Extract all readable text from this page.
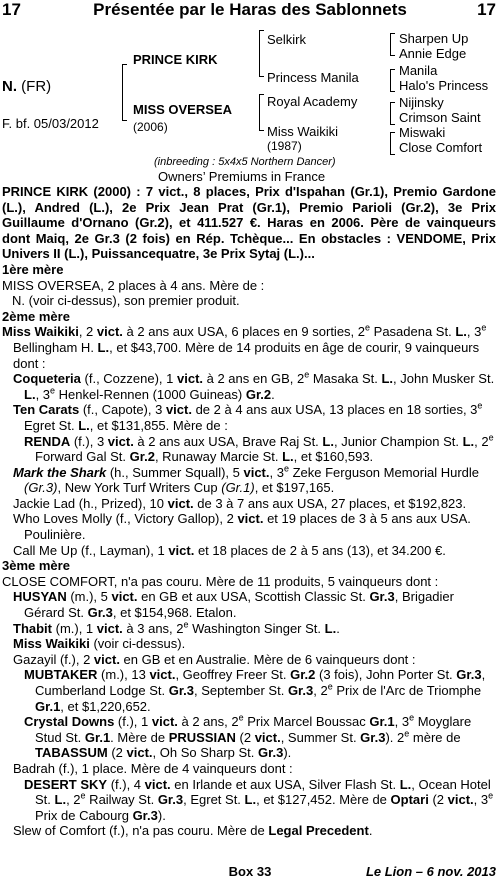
17	Présentée par le Haras des Sablonnets	17
N. (FR)
F. bf. 05/03/2012
PRINCE KIRK
MISS OVERSEA
(2006)
Selkirk
Princess Manila
Royal Academy
Miss Waikiki
(1987)
Sharpen Up
Annie Edge
Manila
Halo's Princess
Nijinsky
Crimson Saint
Miswaki
Close Comfort
(inbreeding : 5x4x5 Northern Dancer)
Owners’ Premiums in France

PRINCE KIRK (2000) : 7 vict., 8 places, Prix d'Ispahan (Gr.1), Premio Gardone (L.), Andred (L.), 2e Prix Jean Prat (Gr.1), Premio Parioli (Gr.2), 3e Prix Guillaume d'Ornano (Gr.2), et 411.527 €. Haras en 2006. Père de vainqueurs dont Maiq, 2e Gr.3 (2 fois) en Rép. Tchèque... En obstacles : VENDOME, Prix Univers II (L.), Puissancequatre, 3e Prix Sytaj (L.)...

1ère mère

MISS OVERSEA, 2 places à 4 ans. Mère de :

N. (voir ci-dessus), son premier produit.

2ème mère

Miss Waikiki, 2 vict. à 2 ans aux USA, 6 places en 9 sorties, 2e Pasadena St. L., 3e Bellingham H. L., et $43,700. Mère de 14 produits en âge de courir, 9 vainqueurs dont :

Coqueteria (f., Cozzene), 1 vict. à 2 ans en GB, 2e Masaka St. L., John Musker St. L., 3e Henkel-Rennen (1000 Guineas) Gr.2.

Ten Carats (f., Capote), 3 vict. de 2 à 4 ans aux USA, 13 places en 18 sorties, 3e Egret St. L., et $131,855. Mère de :

RENDA (f.), 3 vict. à 2 ans aux USA, Brave Raj St. L., Junior Champion St. L., 2e Forward Gal St. Gr.2, Runaway Marcie St. L., et $160,593.

Mark the Shark (h., Summer Squall), 5 vict., 3e Zeke Ferguson Memorial Hurdle (Gr.3), New York Turf Writers Cup (Gr.1), et $197,165.

Jackie Lad (h., Prized), 10 vict. de 3 à 7 ans aux USA, 27 places, et $192,823.

Who Loves Molly (f., Victory Gallop), 2 vict. et 19 places de 3 à 5 ans aux USA. Poulinière.

Call Me Up (f., Layman), 1 vict. et 18 places de 2 à 5 ans (13), et 34.200 €.

3ème mère

CLOSE COMFORT, n'a pas couru. Mère de 11 produits, 5 vainqueurs dont :

HUSYAN (m.), 5 vict. en GB et aux USA, Scottish Classic St. Gr.3, Brigadier Gérard St. Gr.3, et $154,968. Etalon.

Thabit (m.), 1 vict. à 3 ans, 2e Washington Singer St. L..

Miss Waikiki (voir ci-dessus).

Gazayil (f.), 2 vict. en GB et en Australie. Mère de 6 vainqueurs dont :

MUBTAKER (m.), 13 vict., Geoffrey Freer St. Gr.2 (3 fois), John Porter St. Gr.3, Cumberland Lodge St. Gr.3, September St. Gr.3, 2e Prix de l'Arc de Triomphe Gr.1, et $1,220,652.

Crystal Downs (f.), 1 vict. à 2 ans, 2e Prix Marcel Boussac Gr.1, 3e Moyglare Stud St. Gr.1. Mère de PRUSSIAN (2 vict., Summer St. Gr.3). 2e mère de TABASSUM (2 vict., Oh So Sharp St. Gr.3).

Badrah (f.), 1 place. Mère de 4 vainqueurs dont :

DESERT SKY (f.), 4 vict. en Irlande et aux USA, Silver Flash St. L., Ocean Hotel St. L., 2e Railway St. Gr.3, Egret St. L., et $127,452. Mère de Optari (2 vict., 3e Prix de Cabourg Gr.3).

Slew of Comfort (f.), n'a pas couru. Mère de Legal Precedent.

Box 33	Le Lion – 6 nov. 2013
